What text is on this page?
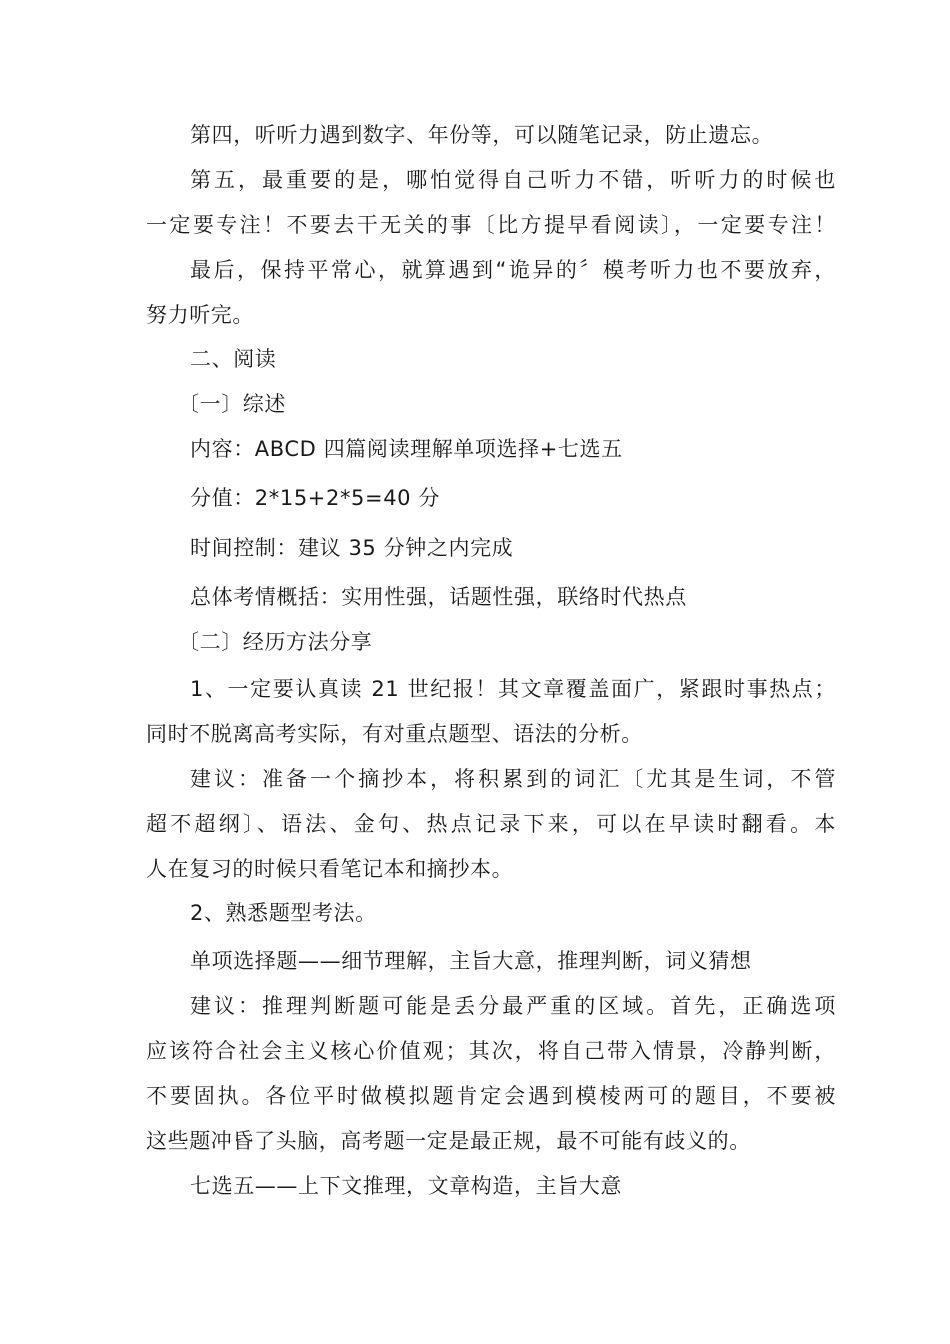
第四，听听力遇到数字、年份等，可以随笔记录，防止遗忘。
第五，最重要的是，哪怕觉得自己听力不错，听听力的时候也
一定要专注！不要去干无关的事〔比方提早看阅读〕，一定要专注！
最后，保持平常心，就算遇到“诡异的〞模考听力也不要放弃，
努力听完。
二、阅读
〔一〕综述
内容：ABCD 四篇阅读理解单项选择+七选五
分值：2*15+2*5=40 分
时间控制：建议 35 分钟之内完成
总体考情概括：实用性强，话题性强，联络时代热点
〔二〕经历方法分享
1、一定要认真读 21 世纪报！其文章覆盖面广，紧跟时事热点；
同时不脱离高考实际，有对重点题型、语法的分析。
建议：准备一个摘抄本，将积累到的词汇〔尤其是生词，不管
超不超纲〕、语法、金句、热点记录下来，可以在早读时翻看。本
人在复习的时候只看笔记本和摘抄本。
2、熟悉题型考法。
单项选择题——细节理解，主旨大意，推理判断，词义猜想
建议：推理判断题可能是丢分最严重的区域。首先，正确选项
应该符合社会主义核心价值观；其次，将自己带入情景，冷静判断，
不要固执。各位平时做模拟题肯定会遇到模棱两可的题目，不要被
这些题冲昏了头脑，高考题一定是最正规，最不可能有歧义的。
七选五——上下文推理，文章构造，主旨大意
